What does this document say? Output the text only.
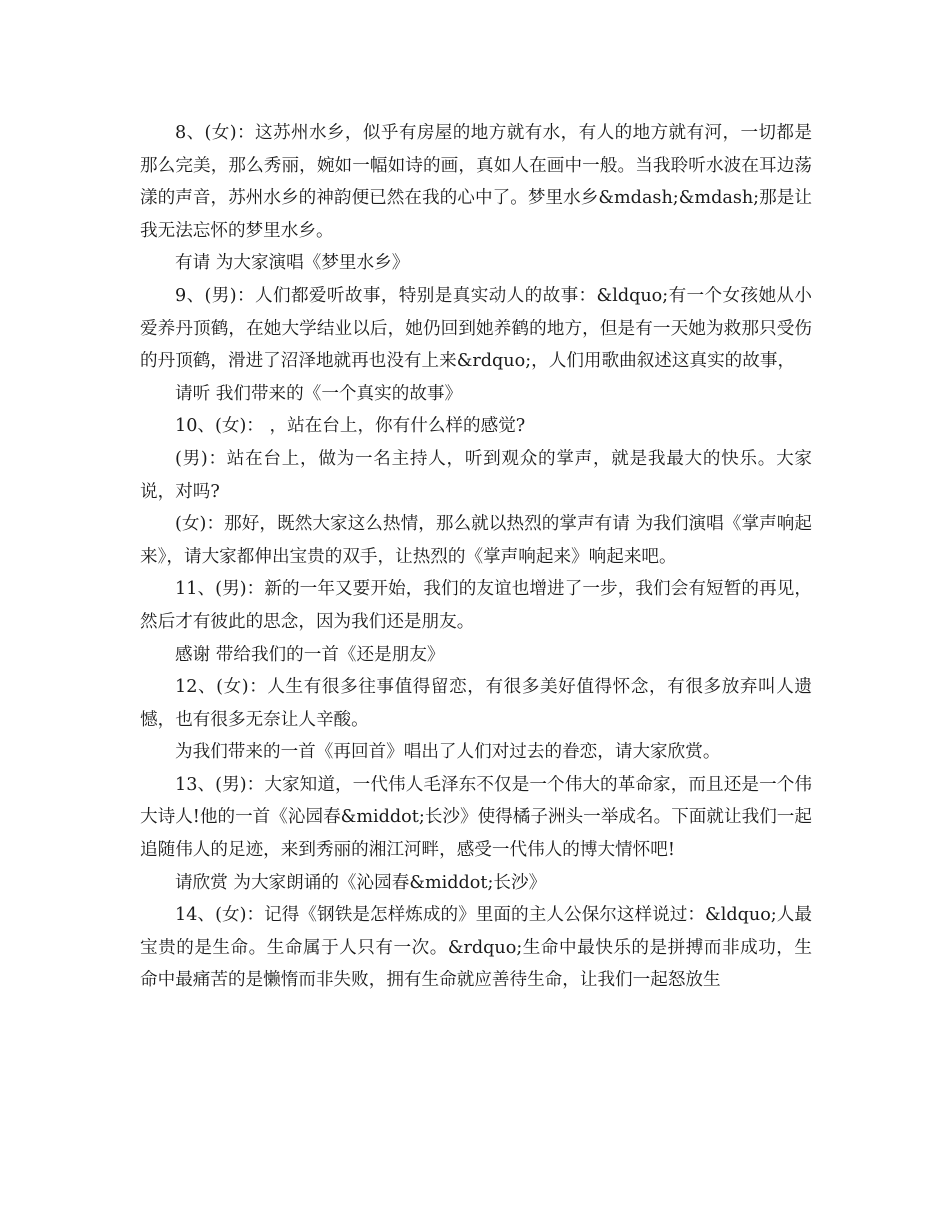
8、(女)：这苏州水乡，似乎有房屋的地方就有水，有人的地方就有河，一切都是那么完美，那么秀丽，婉如一幅如诗的画，真如人在画中一般。当我聆听水波在耳边荡漾的声音，苏州水乡的神韵便已然在我的心中了。梦里水乡&mdash;&mdash;那是让我无法忘怀的梦里水乡。

有请 为大家演唱《梦里水乡》

9、(男)：人们都爱听故事，特别是真实动人的故事：&ldquo;有一个女孩她从小爱养丹顶鹤，在她大学结业以后，她仍回到她养鹤的地方，但是有一天她为救那只受伤的丹顶鹤，滑进了沼泽地就再也没有上来&rdquo;，人们用歌曲叙述这真实的故事，

请听 我们带来的《一个真实的故事》

10、(女)： ，站在台上，你有什么样的感觉?

(男)：站在台上，做为一名主持人，听到观众的掌声，就是我最大的快乐。大家说，对吗?

(女)：那好，既然大家这么热情，那么就以热烈的掌声有请 为我们演唱《掌声响起来》，请大家都伸出宝贵的双手，让热烈的《掌声响起来》响起来吧。

11、(男)：新的一年又要开始，我们的友谊也增进了一步，我们会有短暂的再见，然后才有彼此的思念，因为我们还是朋友。

感谢 带给我们的一首《还是朋友》

12、(女)：人生有很多往事值得留恋，有很多美好值得怀念，有很多放弃叫人遗憾，也有很多无奈让人辛酸。

为我们带来的一首《再回首》唱出了人们对过去的眷恋，请大家欣赏。

13、(男)：大家知道，一代伟人毛泽东不仅是一个伟大的革命家，而且还是一个伟大诗人!他的一首《沁园春&middot;长沙》使得橘子洲头一举成名。下面就让我们一起追随伟人的足迹，来到秀丽的湘江河畔，感受一代伟人的博大情怀吧!

请欣赏 为大家朗诵的《沁园春&middot;长沙》

14、(女)：记得《钢铁是怎样炼成的》里面的主人公保尔这样说过：&ldquo;人最宝贵的是生命。生命属于人只有一次。&rdquo;生命中最快乐的是拼搏而非成功，生命中最痛苦的是懒惰而非失败，拥有生命就应善待生命，让我们一起怒放生
